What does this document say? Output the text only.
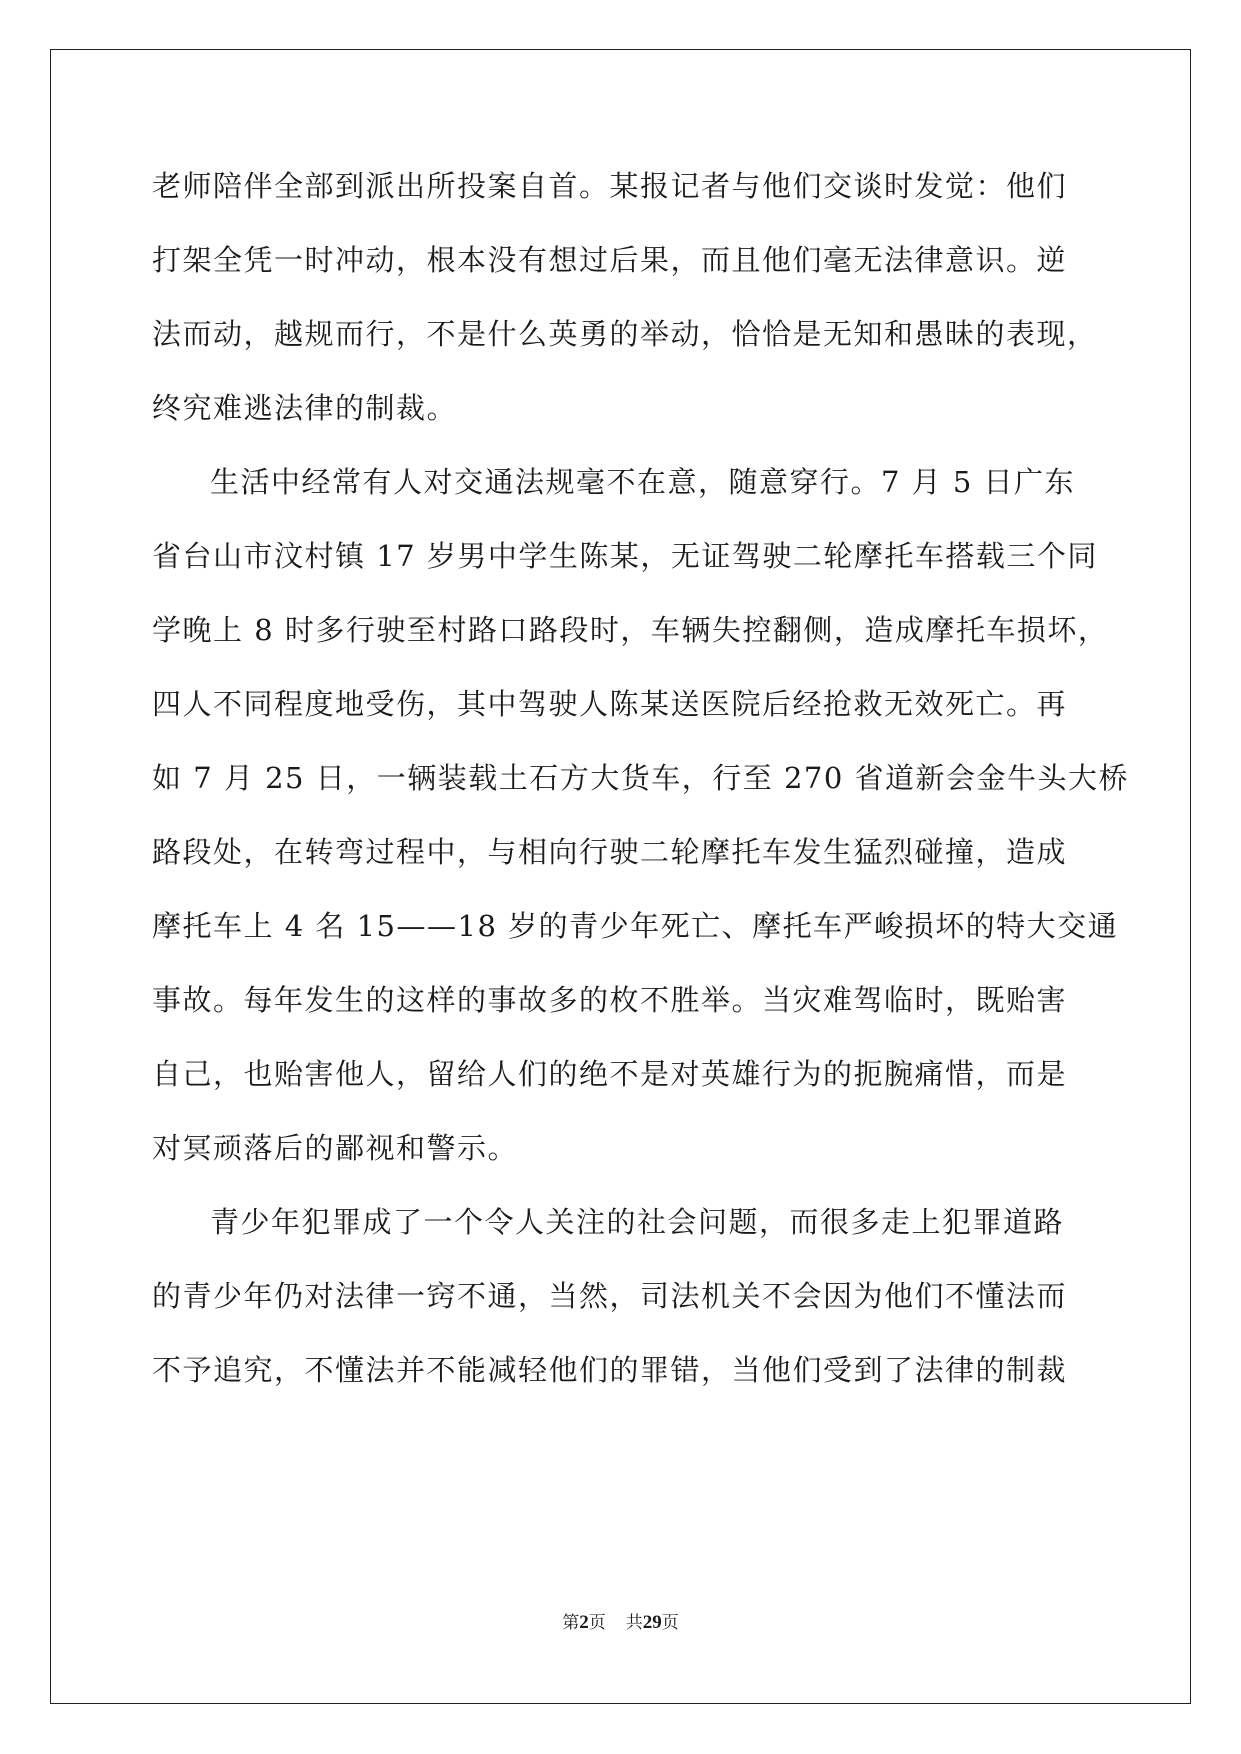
老师陪伴全部到派出所投案自首。某报记者与他们交谈时发觉：他们
打架全凭一时冲动，根本没有想过后果，而且他们毫无法律意识。逆
法而动，越规而行，不是什么英勇的举动，恰恰是无知和愚昧的表现，
终究难逃法律的制裁。
生活中经常有人对交通法规毫不在意，随意穿行。7 月 5 日广东
省台山市汶村镇 17 岁男中学生陈某，无证驾驶二轮摩托车搭载三个同
学晚上 8 时多行驶至村路口路段时，车辆失控翻侧，造成摩托车损坏，
四人不同程度地受伤，其中驾驶人陈某送医院后经抢救无效死亡。再
如 7 月 25 日，一辆装载土石方大货车，行至 270 省道新会金牛头大桥
路段处，在转弯过程中，与相向行驶二轮摩托车发生猛烈碰撞，造成
摩托车上 4 名 15——18 岁的青少年死亡、摩托车严峻损坏的特大交通
事故。每年发生的这样的事故多的枚不胜举。当灾难驾临时，既贻害
自己，也贻害他人，留给人们的绝不是对英雄行为的扼腕痛惜，而是
对冥顽落后的鄙视和警示。
青少年犯罪成了一个令人关注的社会问题，而很多走上犯罪道路
的青少年仍对法律一窍不通，当然，司法机关不会因为他们不懂法而
不予追究，不懂法并不能减轻他们的罪错，当他们受到了法律的制裁
第2页 共29页
